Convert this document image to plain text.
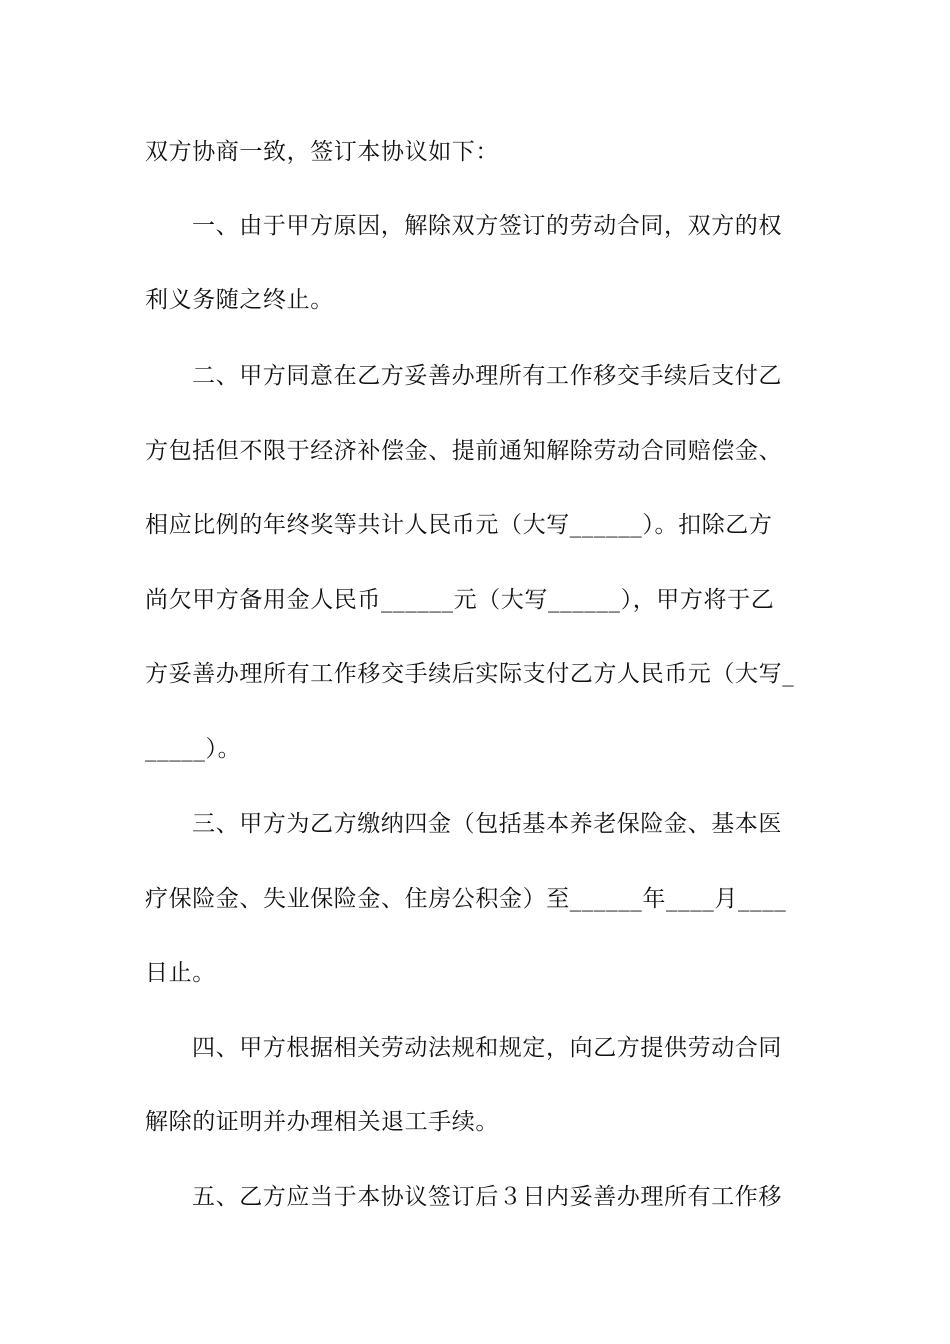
双方协商一致，签订本协议如下：
一、由于甲方原因，解除双方签订的劳动合同，双方的权
利义务随之终止。
二、甲方同意在乙方妥善办理所有工作移交手续后支付乙
方包括但不限于经济补偿金、提前通知解除劳动合同赔偿金、
相应比例的年终奖等共计人民币元（大写______）。扣除乙方
尚欠甲方备用金人民币______元（大写______），甲方将于乙
方妥善办理所有工作移交手续后实际支付乙方人民币元（大写_
_____）。
三、甲方为乙方缴纳四金（包括基本养老保险金、基本医
疗保险金、失业保险金、住房公积金）至______年____月____
日止。
四、甲方根据相关劳动法规和规定，向乙方提供劳动合同
解除的证明并办理相关退工手续。
五、乙方应当于本协议签订后３日内妥善办理所有工作移
